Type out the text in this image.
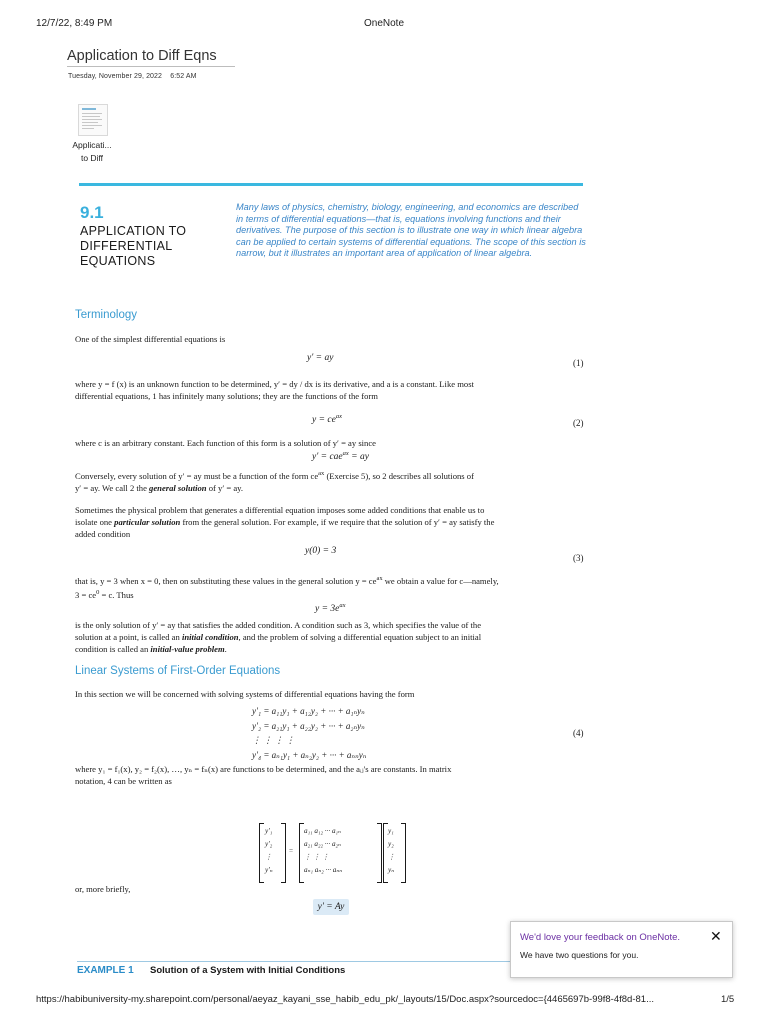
12/7/22, 8:49 PM	OneNote
Application to Diff Eqns
Tuesday, November 29, 2022 6:52 AM
Applicati...
to Diff
9.1
APPLICATION TO
DIFFERENTIAL
EQUATIONS
Many laws of physics, chemistry, biology, engineering, and economics are described in terms of differential equations—that is, equations involving functions and their derivatives. The purpose of this section is to illustrate one way in which linear algebra can be applied to certain systems of differential equations. The scope of this section is narrow, but it illustrates an important area of application of linear algebra.
Terminology
One of the simplest differential equations is
y′ = ay	(1)
where y = f (x) is an unknown function to be determined, y′ = dy / dx is its derivative, and a is a constant. Like most
differential equations, 1 has infinitely many solutions; they are the functions of the form
$y = ce^{ax}$
(2)
where c is an arbitrary constant. Each function of this form is a solution of y′ = ay since
y′ = cae$^{ax}$ = ay
Conversely, every solution of y′ = ay must be a function of the form $ce^{ax}$ (Exercise 5), so 2 describes all solutions of
y′ = ay. We call 2 the general solution of y′ = ay.
Sometimes the physical problem that generates a differential equation imposes some added conditions that enable us to
isolate one particular solution from the general solution. For example, if we require that the solution of y′ = ay satisfy the
added condition
y(0) = 3
(3)
that is, y = 3 when x = 0, then on substituting these values in the general solution $y = ce^{ax}$ we obtain a value for c—namely,
$3 = ce^0 = c$. Thus
$y = 3e^{ax}$
is the only solution of y′ = ay that satisfies the added condition. A condition such as 3, which specifies the value of the
solution at a point, is called an initial condition, and the problem of solving a differential equation subject to an initial
condition is called an initial-value problem.
Linear Systems of First-Order Equations
In this section we will be concerned with solving systems of differential equations having the form
y′₁ = a₁₁y₁ + a₁₂y₂ + ··· + a₁ₙyₙ
y′₂ = a₂₁y₁ + a₂₂y₂ + ··· + a₂ₙyₙ
⋮ ⋮ ⋮ ⋮
y′₄ = aₙ₁y₁ + aₙ₂y₂ + ··· + aₙₙyₙ
(4)
where y₁ = f₁(x), y₂ = f₂(x), …, yₙ = fₙ(x) are functions to be determined, and the aᵢⱼ's are constants. In matrix
notation, 4 can be written as
y′₁
y′₂
⋮
y′ₙ
=
a₁₁ a₁₂ ··· a₁ₙ
a₂₁ a₂₂ ··· a₂ₙ
⋮ ⋮ ⋮
aₙ₁ aₙ₂ ··· aₙₙ
y₁
y₂
⋮
yₙ
or, more briefly,
y′ = Ay
EXAMPLE 1 Solution of a System with Initial Conditions
We'd love your feedback on OneNote. ✕
We have two questions for you.
https://habibuniversity-my.sharepoint.com/personal/aeyaz_kayani_sse_habib_edu_pk/_layouts/15/Doc.aspx?sourcedoc={4465697b-99f8-4f8d-81...	1/5
